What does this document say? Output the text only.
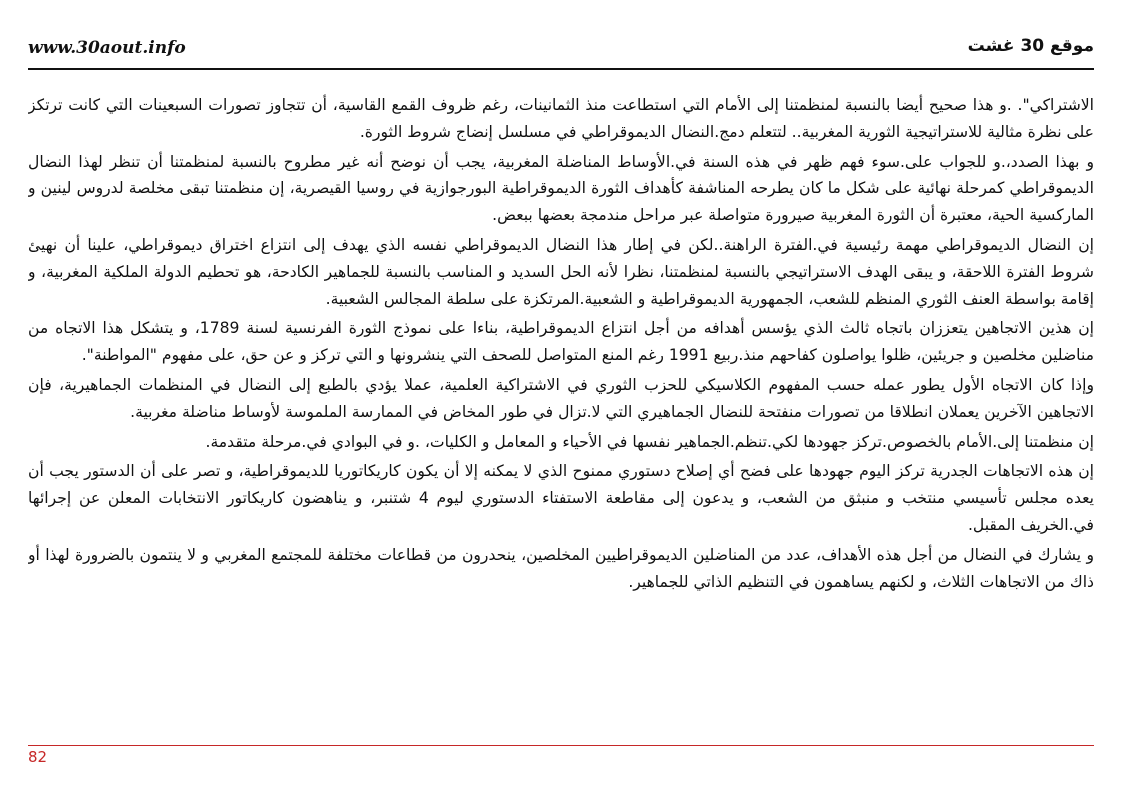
www.30aout.info	موقع 30 غشت

الاشتراكي". .و هذا صحيح أيضا بالنسبة لمنظمتنا إلى الأمام التي استطاعت منذ الثمانينات، رغم ظروف القمع القاسية، أن تتجاوز تصورات السبعينات التي كانت ترتكز على نظرة مثالية للاستراتيجية الثورية المغربية.. لتتعلم دمج.النضال الديموقراطي في مسلسل إنضاج شروط الثورة.

و بهذا الصدد،.و للجواب على.سوء فهم ظهر في هذه السنة في.الأوساط المناضلة المغربية، يجب أن نوضح أنه غير مطروح بالنسبة لمنظمتنا أن تنظر لهذا النضال الديموقراطي كمرحلة نهائية على شكل ما كان يطرحه المناشفة كأهداف الثورة الديموقراطية البورجوازية في روسيا القيصرية، إن منظمتنا تبقى مخلصة لدروس لينين و الماركسية الحية، معتبرة أن الثورة المغربية صيرورة متواصلة عبر مراحل مندمجة بعضها ببعض.

إن النضال الديموقراطي مهمة رئيسية في.الفترة الراهنة..لكن في إطار هذا النضال الديموقراطي نفسه الذي يهدف إلى انتزاع اختراق ديموقراطي، علينا أن نهيئ شروط الفترة اللاحقة، و يبقى الهدف الاستراتيجي بالنسبة لمنظمتنا، نظرا لأنه الحل السديد و المناسب بالنسبة للجماهير الكادحة، هو تحطيم الدولة الملكية المغربية، و إقامة بواسطة العنف الثوري المنظم للشعب، الجمهورية الديموقراطية و الشعبية.المرتكزة على سلطة المجالس الشعبية.

إن هذين الاتجاهين يتعززان باتجاه ثالث الذي يؤسس أهدافه من أجل انتزاع الديموقراطية، بناءا على نموذج الثورة الفرنسية لسنة 1789، و يتشكل هذا الاتجاه من مناضلين مخلصين و جريئين، ظلوا يواصلون كفاحهم منذ.ربيع 1991 رغم المنع المتواصل للصحف التي ينشرونها و التي تركز و عن حق، على مفهوم "المواطنة".

وإذا كان الاتجاه الأول يطور عمله حسب المفهوم الكلاسيكي للحزب الثوري في الاشتراكية العلمية، عملا يؤدي بالطبع إلى النضال في المنظمات الجماهيرية، فإن الاتجاهين الآخرين يعملان انطلاقا من تصورات منفتحة للنضال الجماهيري التي لا.تزال في طور المخاض في الممارسة الملموسة لأوساط مناضلة مغربية.

إن منظمتنا إلى.الأمام بالخصوص.تركز جهودها لكي.تنظم.الجماهير نفسها في الأحياء و المعامل و الكليات، .و في البوادي في.مرحلة متقدمة.

إن هذه الاتجاهات الجدرية تركز اليوم جهودها على فضح أي إصلاح دستوري ممنوح الذي لا يمكنه إلا أن يكون كاريكاتوريا للديموقراطية، و تصر على أن الدستور يجب أن يعده مجلس تأسيسي منتخب و منبثق من الشعب، و يدعون إلى مقاطعة الاستفتاء الدستوري ليوم 4 شتنبر، و يناهضون كاريكاتور الانتخابات المعلن عن إجرائها في.الخريف المقبل.

و يشارك في النضال من أجل هذه الأهداف، عدد من المناضلين الديموقراطيين المخلصين، ينحدرون من قطاعات مختلفة للمجتمع المغربي و لا ينتمون بالضرورة لهذا أو ذاك من الاتجاهات الثلاث، و لكنهم يساهمون في التنظيم الذاتي للجماهير.

82
